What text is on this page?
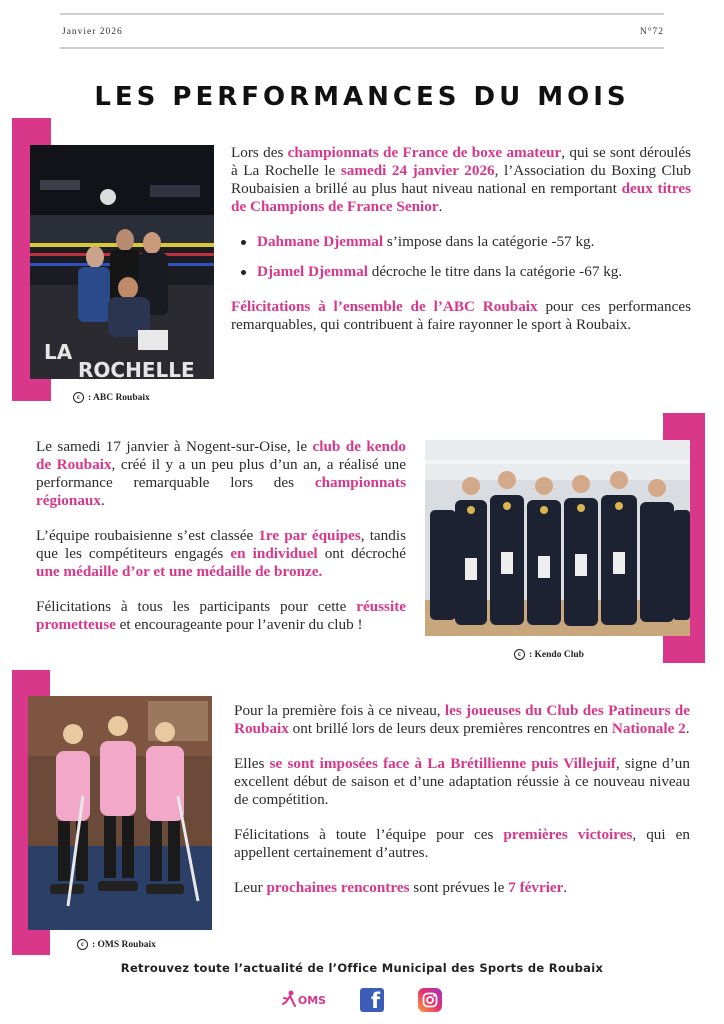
Janvier 2026	N°72
LES PERFORMANCES DU MOIS
LA
ROCHELLE
c : ABC Roubaix

Lors des championnats de France de boxe amateur, qui se sont déroulés à La Rochelle le samedi 24 janvier 2026, l’Association du Boxing Club Roubaisien a brillé au plus haut niveau national en remportant deux titres de Champions de France Senior.

Dahmane Djemmal s’impose dans la catégorie -57 kg.
Djamel Djemmal décroche le titre dans la catégorie -67 kg.

Félicitations à l’ensemble de l’ABC Roubaix pour ces performances remarquables, qui contribuent à faire rayonner le sport à Roubaix.

Le samedi 17 janvier à Nogent-sur-Oise, le club de kendo de Roubaix, créé il y a un peu plus d’un an, a réalisé une performance remarquable lors des championnats régionaux.

L’équipe roubaisienne s’est classée 1re par équipes, tandis que les compétiteurs engagés en individuel ont décroché une médaille d’or et une médaille de bronze.

Félicitations à tous les participants pour cette réussite prometteuse et encourageante pour l’avenir du club !

c : Kendo Club
c : OMS Roubaix

Pour la première fois à ce niveau, les joueuses du Club des Patineurs de Roubaix ont brillé lors de leurs deux premières rencontres en Nationale 2.

Elles se sont imposées face à La Brétillienne puis Villejuif, signe d’un excellent début de saison et d’une adaptation réussie à ce nouveau niveau de compétition.

Félicitations à toute l’équipe pour ces premières victoires, qui en appellent certainement d’autres.

Leur prochaines rencontres sont prévues le 7 février.

Retrouvez toute l’actualité de l’Office Municipal des Sports de Roubaix
OMS f
